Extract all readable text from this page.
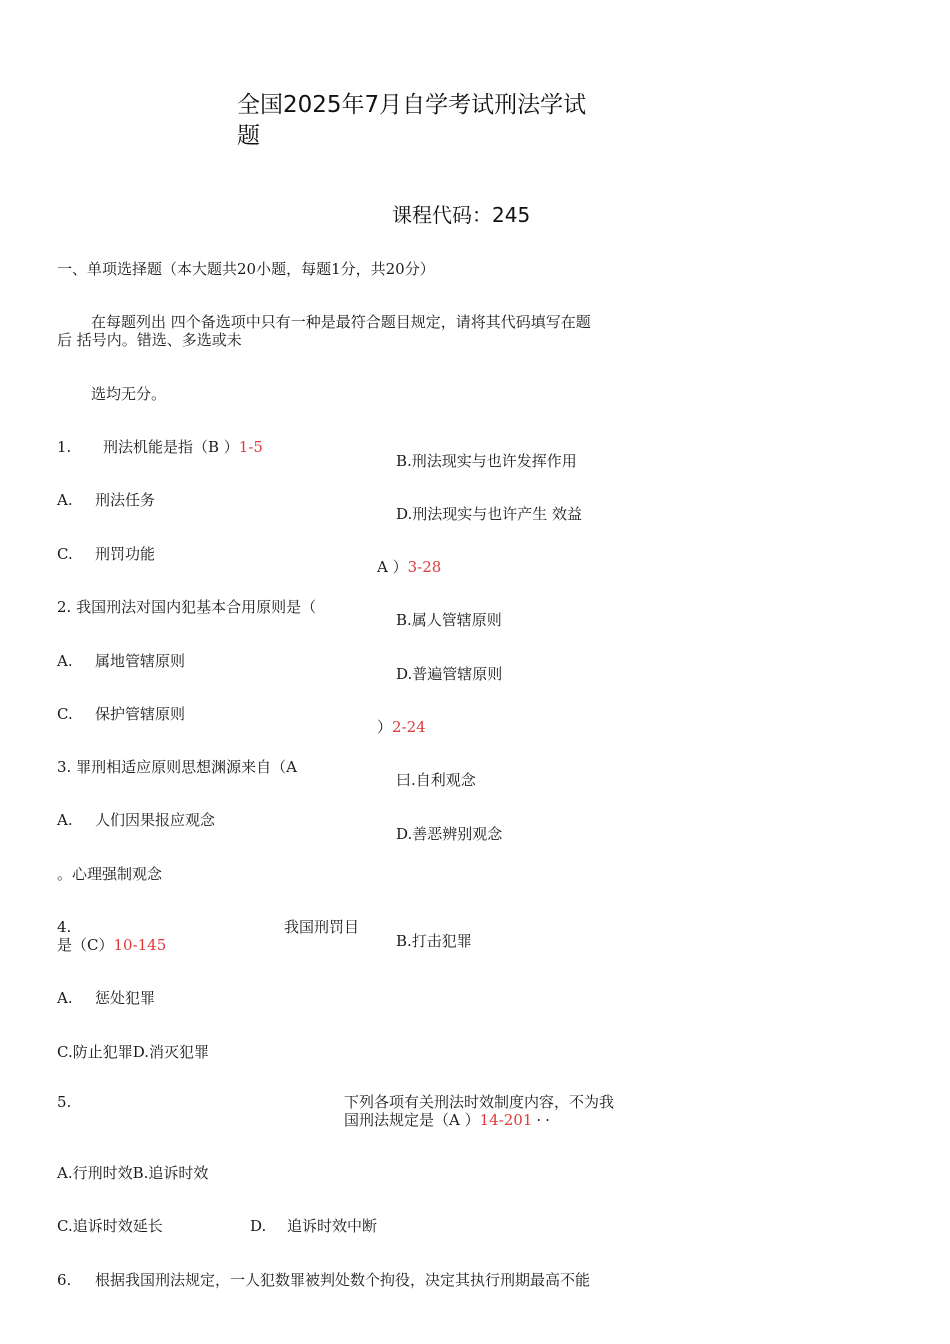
全国2025年7月自学考试刑法学试
题
课程代码：245
一、单项选择题（本大题共20小题，每题1分，共20分）
在每题列出 四个备选项中只有一种是最符合题目规定，请将其代码填写在题
后 括号内。错选、多选或未
选均无分。
1. 刑法机能是指（B ）1-5
B.刑法现实与也许发挥作用
A. 刑法任务
D.刑法现实与也许产生 效益
C. 刑罚功能
A ）3-28
2. 我国刑法对国内犯基本合用原则是（
B.属人管辖原则
A. 属地管辖原则
D.普遍管辖原则
C. 保护管辖原则
）2-24
3. 罪刑相适应原则思想渊源来自（A
曰.自利观念
A. 人们因果报应观念
D.善恶辨别观念
。心理强制观念
4.	我国刑罚目
是（C）10-145	B.打击犯罪
A. 惩处犯罪
C.防止犯罪D.消灭犯罪
5.	下列各项有关刑法时效制度内容，不为我
国刑法规定是（A ）14-201 ··
A.行刑时效B.追诉时效
C.追诉时效延长	D. 追诉时效中断
6. 根据我国刑法规定，一人犯数罪被判处数个拘役，决定其执行刑期最高不能
